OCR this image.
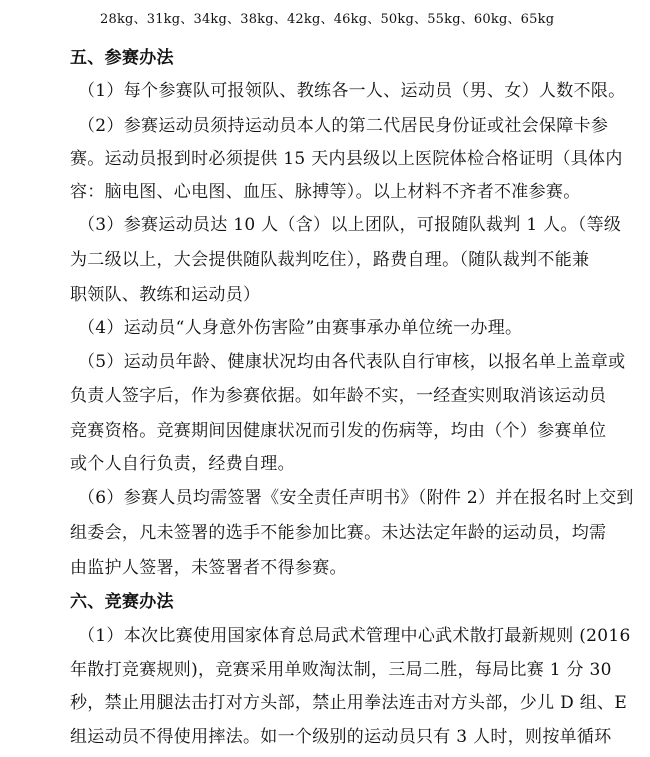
28kg、31kg、34kg、38kg、42kg、46kg、50kg、55kg、60kg、65kg
五、参赛办法
（1）每个参赛队可报领队、教练各一人、运动员（男、女）人数不限。
（2）参赛运动员须持运动员本人的第二代居民身份证或社会保障卡参
赛。运动员报到时必须提供 15 天内县级以上医院体检合格证明（具体内
容：脑电图、心电图、血压、脉搏等）。以上材料不齐者不准参赛。
（3）参赛运动员达 10 人（含）以上团队，可报随队裁判 1 人。（等级
为二级以上，大会提供随队裁判吃住），路费自理。（随队裁判不能兼
职领队、教练和运动员）
（4）运动员“人身意外伤害险”由赛事承办单位统一办理。
（5）运动员年龄、健康状况均由各代表队自行审核，以报名单上盖章或
负责人签字后，作为参赛依据。如年龄不实，一经查实则取消该运动员
竞赛资格。竞赛期间因健康状况而引发的伤病等，均由（个）参赛单位
或个人自行负责，经费自理。
（6）参赛人员均需签署《安全责任声明书》（附件 2）并在报名时上交到
组委会，凡未签署的选手不能参加比赛。未达法定年龄的运动员，均需
由监护人签署，未签署者不得参赛。
六、竞赛办法
（1）本次比赛使用国家体育总局武术管理中心武术散打最新规则 (2016
年散打竞赛规则)，竞赛采用单败淘汰制，三局二胜，每局比赛 1 分 30
秒，禁止用腿法击打对方头部，禁止用拳法连击对方头部，少儿 D 组、E
组运动员不得使用摔法。如一个级别的运动员只有 3 人时，则按单循环
